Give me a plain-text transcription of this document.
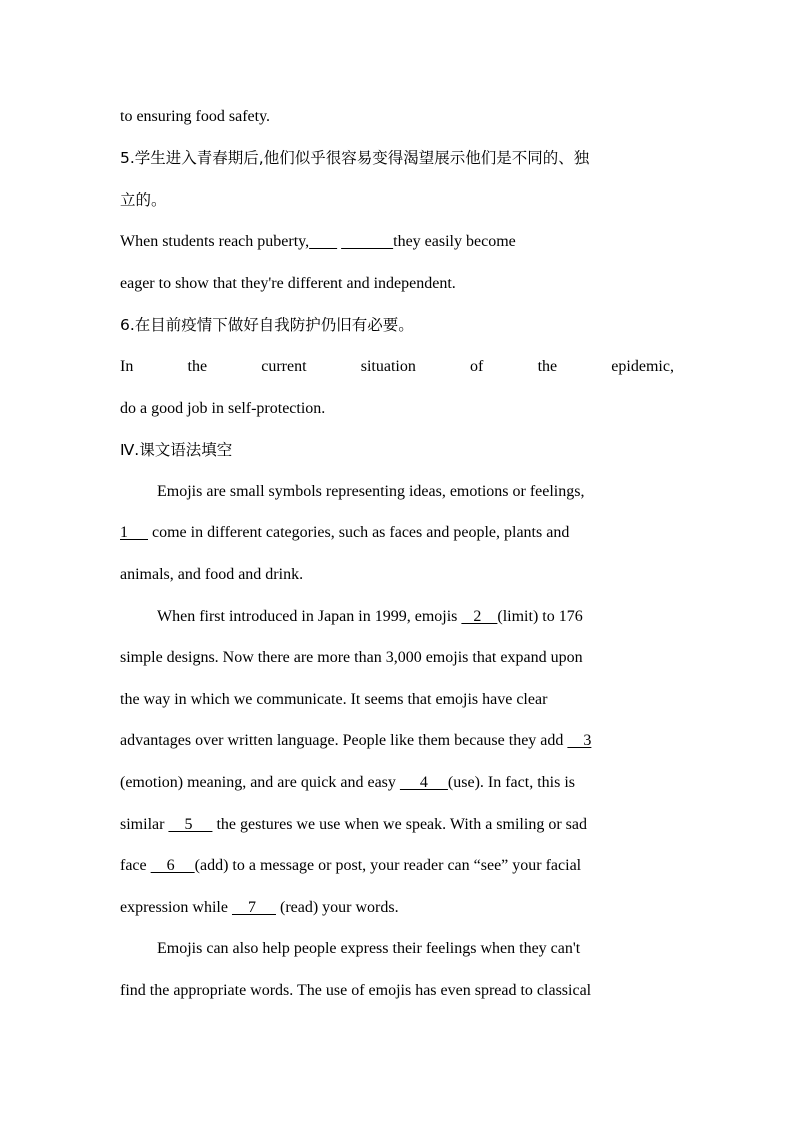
to ensuring food safety.
5.学生进入青春期后,他们似乎很容易变得渴望展示他们是不同的、独
立的。
When students reach puberty,	they easily become
eager to show that they're different and independent.
6.在目前疫情下做好自我防护仍旧有必要。
In	the	current	situation	of	the	epidemic,
do a good job in self-protection.
Ⅳ.课文语法填空
Emojis are small symbols representing ideas, emotions or feelings,
1      come in different categories, such as faces and people, plants and
animals, and food and drink.
When first introduced in Japan in 1999, emojis    2    (limit) to 176
simple designs. Now there are more than 3,000 emojis that expand upon
the way in which we communicate. It seems that emojis have clear
advantages over written language. People like them because they add     3
(emotion) meaning, and are quick and easy      4     (use). In fact, this is
similar     5      the gestures we use when we speak. With a smiling or sad
face     6     (add) to a message or post, your reader can “see” your facial
expression while     7      (read) your words.
Emojis can also help people express their feelings when they can't
find the appropriate words. The use of emojis has even spread to classical
